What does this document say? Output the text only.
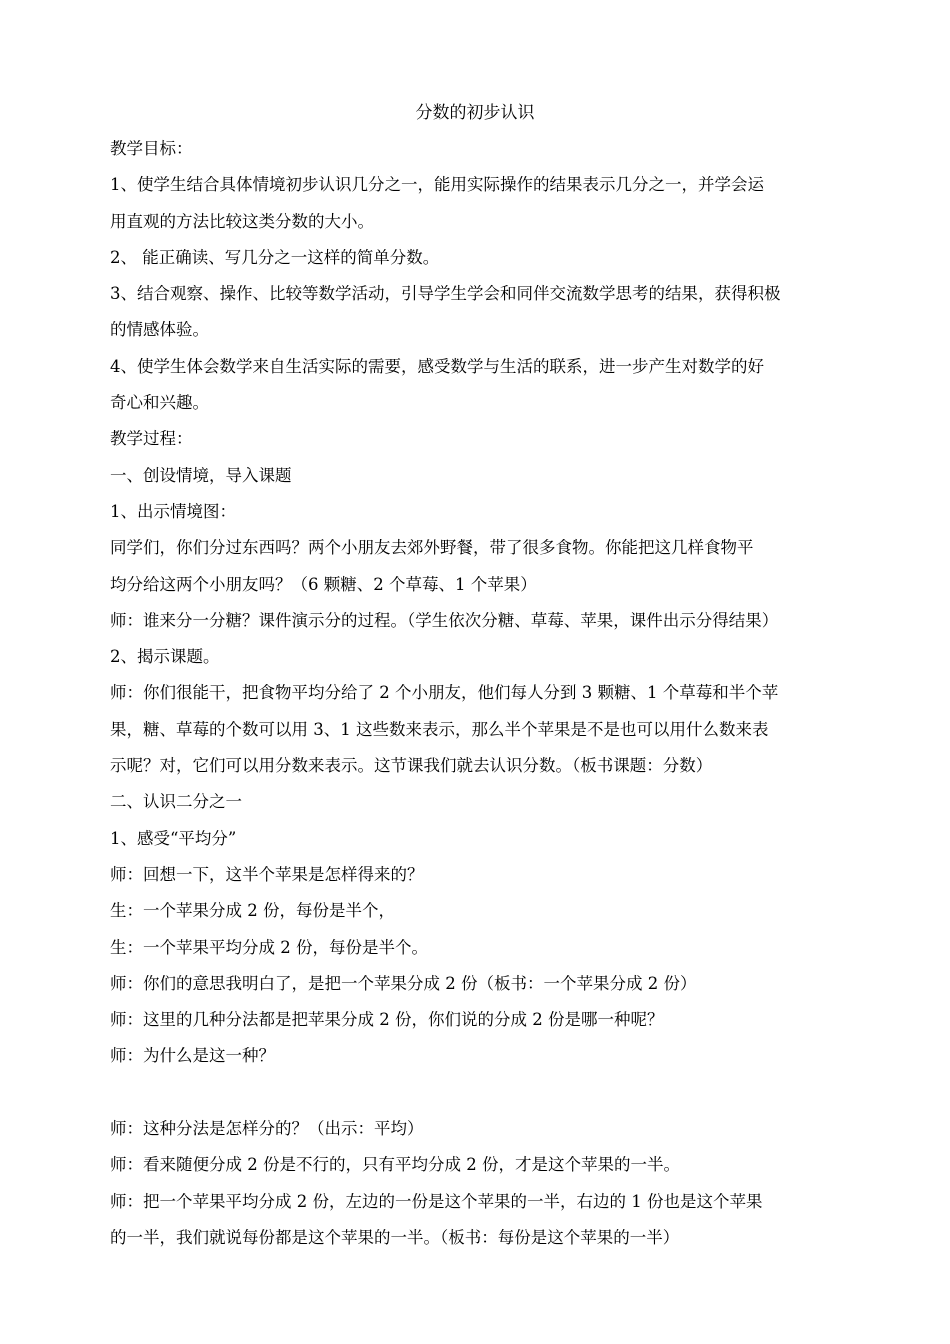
分数的初步认识
教学目标：
1、使学生结合具体情境初步认识几分之一，能用实际操作的结果表示几分之一，并学会运
用直观的方法比较这类分数的大小。
2、 能正确读、写几分之一这样的简单分数。
3、结合观察、操作、比较等数学活动，引导学生学会和同伴交流数学思考的结果，获得积极
的情感体验。
4、使学生体会数学来自生活实际的需要，感受数学与生活的联系，进一步产生对数学的好
奇心和兴趣。
教学过程：
一、创设情境，导入课题
1、出示情境图：
同学们，你们分过东西吗？两个小朋友去郊外野餐，带了很多食物。你能把这几样食物平
均分给这两个小朋友吗？（6 颗糖、2 个草莓、1 个苹果）
师：谁来分一分糖？课件演示分的过程。（学生依次分糖、草莓、苹果，课件出示分得结果）
2、揭示课题。
师：你们很能干，把食物平均分给了 2 个小朋友，他们每人分到 3 颗糖、1 个草莓和半个苹
果，糖、草莓的个数可以用 3、1 这些数来表示，那么半个苹果是不是也可以用什么数来表
示呢？对，它们可以用分数来表示。这节课我们就去认识分数。（板书课题：分数）
二、认识二分之一
1、感受“平均分”
师：回想一下，这半个苹果是怎样得来的？
生：一个苹果分成 2 份，每份是半个，
生：一个苹果平均分成 2 份，每份是半个。
师：你们的意思我明白了，是把一个苹果分成 2 份（板书：一个苹果分成 2 份）
师：这里的几种分法都是把苹果分成 2 份，你们说的分成 2 份是哪一种呢？
师：为什么是这一种？
师：这种分法是怎样分的？（出示：平均）
师：看来随便分成 2 份是不行的，只有平均分成 2 份，才是这个苹果的一半。
师：把一个苹果平均分成 2 份，左边的一份是这个苹果的一半，右边的 1 份也是这个苹果
的一半，我们就说每份都是这个苹果的一半。（板书：每份是这个苹果的一半）
